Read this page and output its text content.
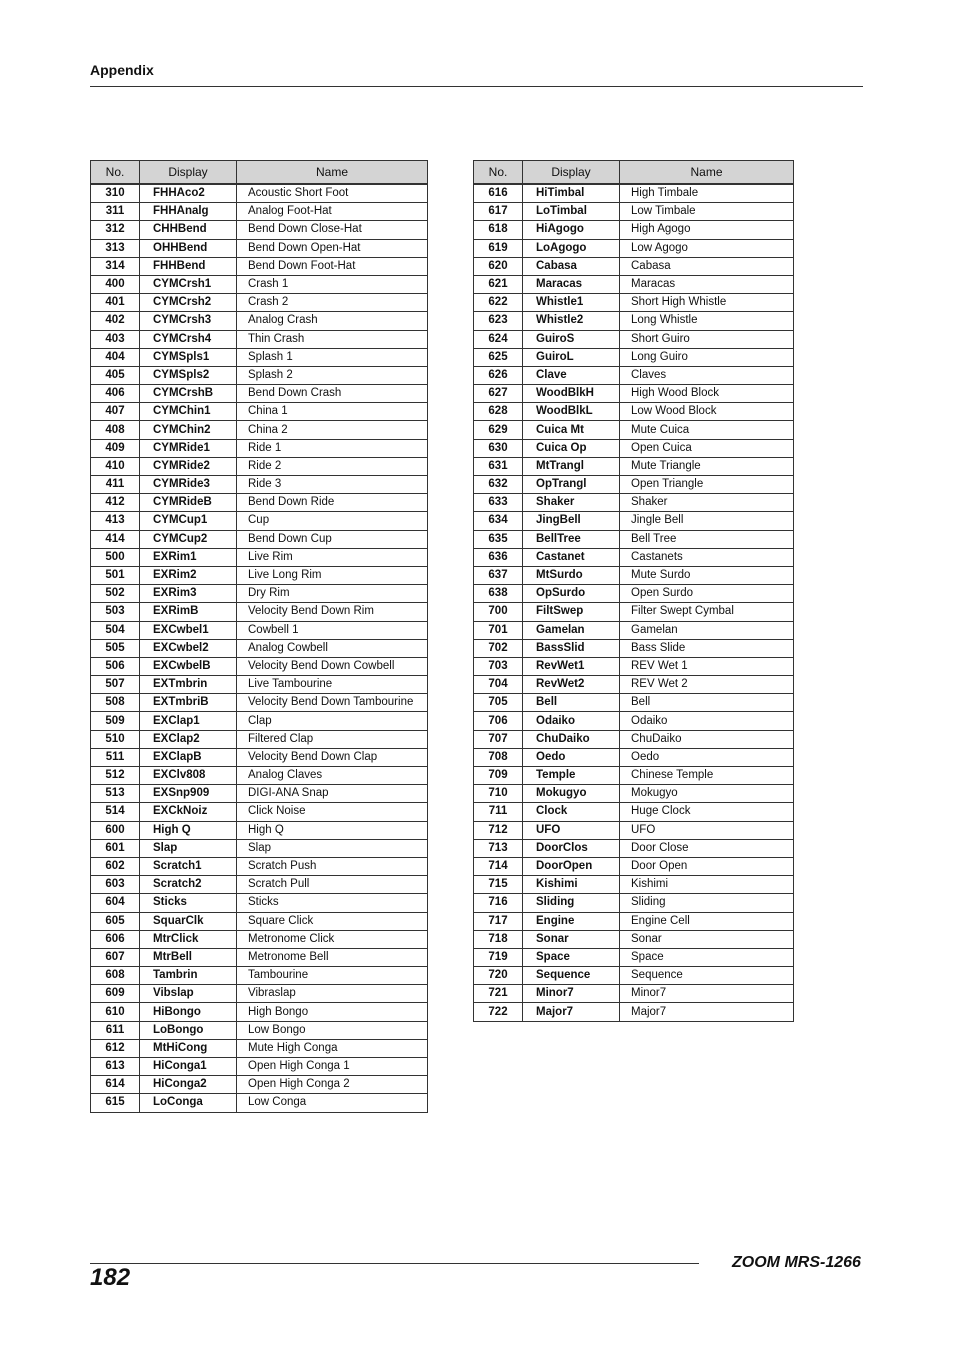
Appendix
No.	Display	Name
310	FHHAco2	Acoustic Short Foot
311	FHHAnalg	Analog Foot-Hat
312	CHHBend	Bend Down Close-Hat
313	OHHBend	Bend Down Open-Hat
314	FHHBend	Bend Down Foot-Hat
400	CYMCrsh1	Crash 1
401	CYMCrsh2	Crash 2
402	CYMCrsh3	Analog Crash
403	CYMCrsh4	Thin Crash
404	CYMSpls1	Splash 1
405	CYMSpls2	Splash 2
406	CYMCrshB	Bend Down Crash
407	CYMChin1	China 1
408	CYMChin2	China 2
409	CYMRide1	Ride 1
410	CYMRide2	Ride 2
411	CYMRide3	Ride 3
412	CYMRideB	Bend Down Ride
413	CYMCup1	Cup
414	CYMCup2	Bend Down Cup
500	EXRim1	Live Rim
501	EXRim2	Live Long Rim
502	EXRim3	Dry Rim
503	EXRimB	Velocity Bend Down Rim
504	EXCwbel1	Cowbell 1
505	EXCwbel2	Analog Cowbell
506	EXCwbelB	Velocity Bend Down Cowbell
507	EXTmbrin	Live Tambourine
508	EXTmbriB	Velocity Bend Down Tambourine
509	EXClap1	Clap
510	EXClap2	Filtered Clap
511	EXClapB	Velocity Bend Down Clap
512	EXClv808	Analog Claves
513	EXSnp909	DIGI-ANA Snap
514	EXCkNoiz	Click Noise
600	High Q	High Q
601	Slap	Slap
602	Scratch1	Scratch Push
603	Scratch2	Scratch Pull
604	Sticks	Sticks
605	SquarClk	Square Click
606	MtrClick	Metronome Click
607	MtrBell	Metronome Bell
608	Tambrin	Tambourine
609	Vibslap	Vibraslap
610	HiBongo	High Bongo
611	LoBongo	Low Bongo
612	MtHiCong	Mute High Conga
613	HiConga1	Open High Conga 1
614	HiConga2	Open High Conga 2
615	LoConga	Low Conga
No.	Display	Name
616	HiTimbal	High Timbale
617	LoTimbal	Low Timbale
618	HiAgogo	High Agogo
619	LoAgogo	Low Agogo
620	Cabasa	Cabasa
621	Maracas	Maracas
622	Whistle1	Short High Whistle
623	Whistle2	Long Whistle
624	GuiroS	Short Guiro
625	GuiroL	Long Guiro
626	Clave	Claves
627	WoodBlkH	High Wood Block
628	WoodBlkL	Low Wood Block
629	Cuica Mt	Mute Cuica
630	Cuica Op	Open Cuica
631	MtTrangl	Mute Triangle
632	OpTrangl	Open Triangle
633	Shaker	Shaker
634	JingBell	Jingle Bell
635	BellTree	Bell Tree
636	Castanet	Castanets
637	MtSurdo	Mute Surdo
638	OpSurdo	Open Surdo
700	FiltSwep	Filter Swept Cymbal
701	Gamelan	Gamelan
702	BassSlid	Bass Slide
703	RevWet1	REV Wet 1
704	RevWet2	REV Wet 2
705	Bell	Bell
706	Odaiko	Odaiko
707	ChuDaiko	ChuDaiko
708	Oedo	Oedo
709	Temple	Chinese Temple
710	Mokugyo	Mokugyo
711	Clock	Huge Clock
712	UFO	UFO
713	DoorClos	Door Close
714	DoorOpen	Door Open
715	Kishimi	Kishimi
716	Sliding	Sliding
717	Engine	Engine Cell
718	Sonar	Sonar
719	Space	Space
720	Sequence	Sequence
721	Minor7	Minor7
722	Major7	Major7
182
ZOOM MRS-1266
